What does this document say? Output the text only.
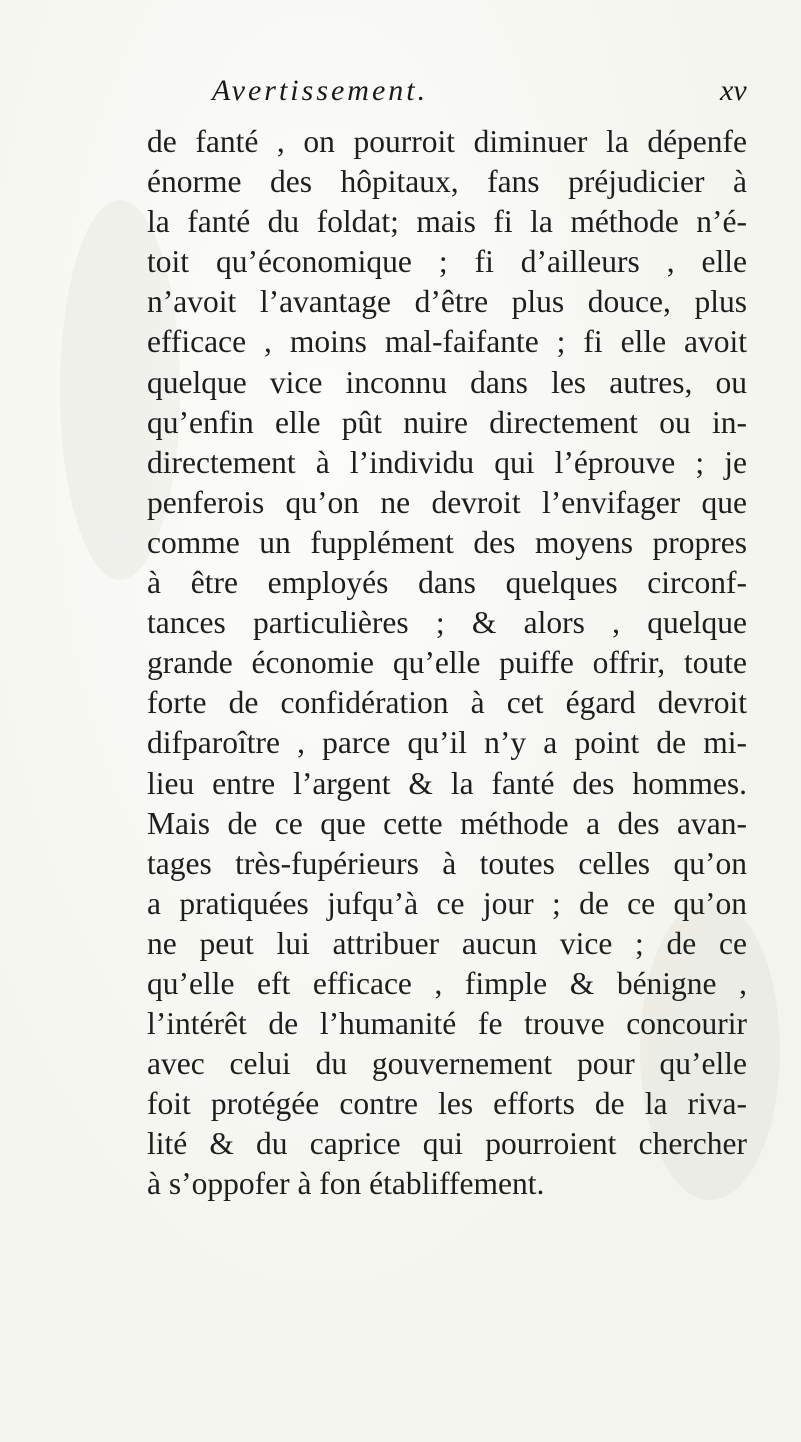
Avertissement.	xv
de fanté , on pourroit diminuer la dépenfe
énorme des hôpitaux, fans préjudicier à
la fanté du foldat; mais fi la méthode n’é-
toit qu’économique ; fi d’ailleurs , elle
n’avoit l’avantage d’être plus douce, plus
efficace , moins mal-faifante ; fi elle avoit
quelque vice inconnu dans les autres, ou
qu’enfin elle pût nuire directement ou in-
directement à l’individu qui l’éprouve ; je
penferois qu’on ne devroit l’envifager que
comme un fupplément des moyens propres
à être employés dans quelques circonf-
tances particulières ; & alors , quelque
grande économie qu’elle puiffe offrir, toute
forte de confidération à cet égard devroit
difparoître , parce qu’il n’y a point de mi-
lieu entre l’argent & la fanté des hommes.
Mais de ce que cette méthode a des avan-
tages très-fupérieurs à toutes celles qu’on
a pratiquées jufqu’à ce jour ; de ce qu’on
ne peut lui attribuer aucun vice ; de ce
qu’elle eft efficace , fimple & bénigne ,
l’intérêt de l’humanité fe trouve concourir
avec celui du gouvernement pour qu’elle
foit protégée contre les efforts de la riva-
lité & du caprice qui pourroient chercher
à s’oppofer à fon établiffement.
